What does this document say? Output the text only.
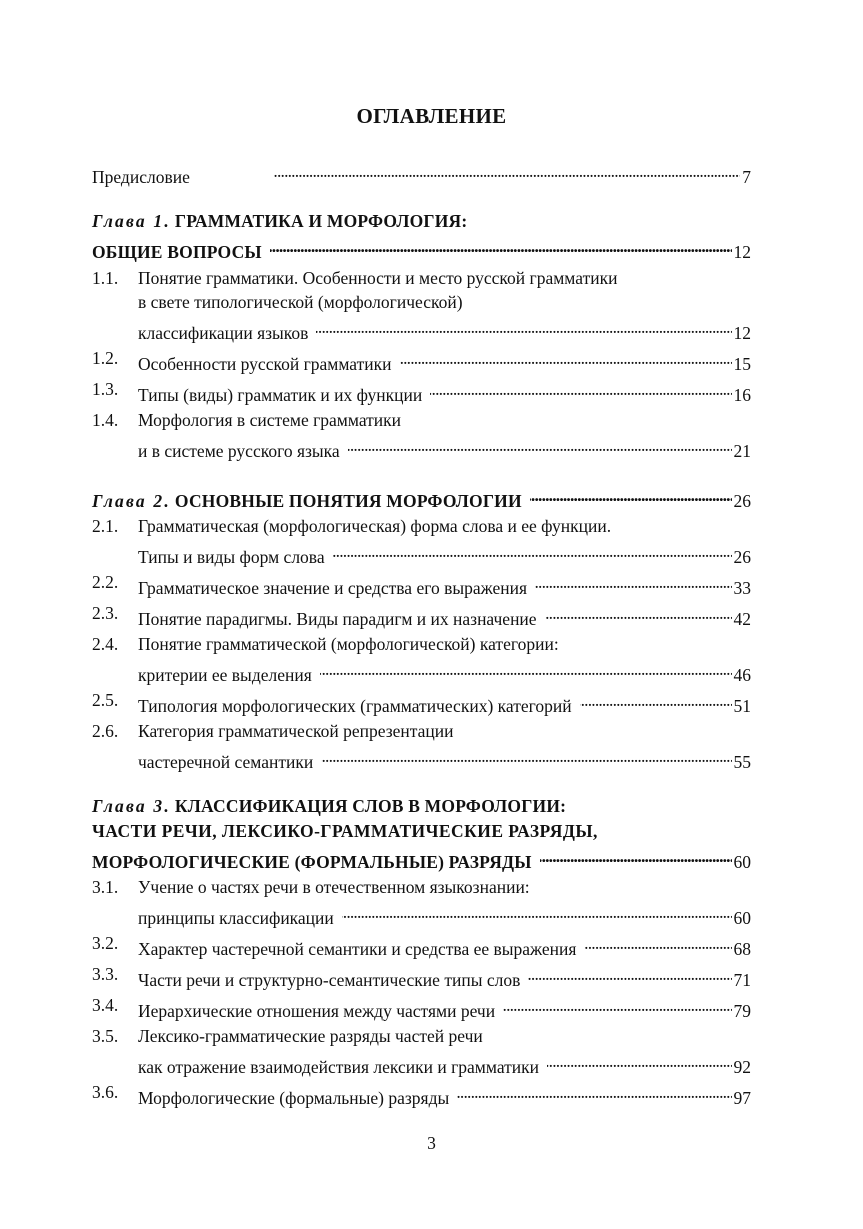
ОГЛАВЛЕНИЕ
Предисловие . . .	7
Глава 1. ГРАММАТИКА И МОРФОЛОГИЯ:
ОБЩИЕ ВОПРОСЫ . . .	12
1.1.	Понятие грамматики. Особенности и место русской грамматики
в свете типологической (морфологической)
классификации языков . . .	12
1.2.	Особенности русской грамматики . . .	15
1.3.	Типы (виды) грамматик и их функции . . .	16
1.4.	Морфология в системе грамматики
и в системе русского языка . . .	21
Глава 2. ОСНОВНЫЕ ПОНЯТИЯ МОРФОЛОГИИ . . .	26
2.1.	Грамматическая (морфологическая) форма слова и ее функции.
Типы и виды форм слова . . .	26
2.2.	Грамматическое значение и средства его выражения . . .	33
2.3.	Понятие парадигмы. Виды парадигм и их назначение . . .	42
2.4.	Понятие грамматической (морфологической) категории:
критерии ее выделения . . .	46
2.5.	Типология морфологических (грамматических) категорий . . .	51
2.6.	Категория грамматической репрезентации
частеречной семантики . . .	55
Глава 3. КЛАССИФИКАЦИЯ СЛОВ В МОРФОЛОГИИ:
ЧАСТИ РЕЧИ, ЛЕКСИКО-ГРАММАТИЧЕСКИЕ РАЗРЯДЫ,
МОРФОЛОГИЧЕСКИЕ (ФОРМАЛЬНЫЕ) РАЗРЯДЫ . . .	60
3.1.	Учение о частях речи в отечественном языкознании:
принципы классификации . . .	60
3.2.	Характер частеречной семантики и средства ее выражения . . .	68
3.3.	Части речи и структурно-семантические типы слов . . .	71
3.4.	Иерархические отношения между частями речи . . .	79
3.5.	Лексико-грамматические разряды частей речи
как отражение взаимодействия лексики и грамматики . . .	92
3.6.	Морфологические (формальные) разряды . . .	97
3
